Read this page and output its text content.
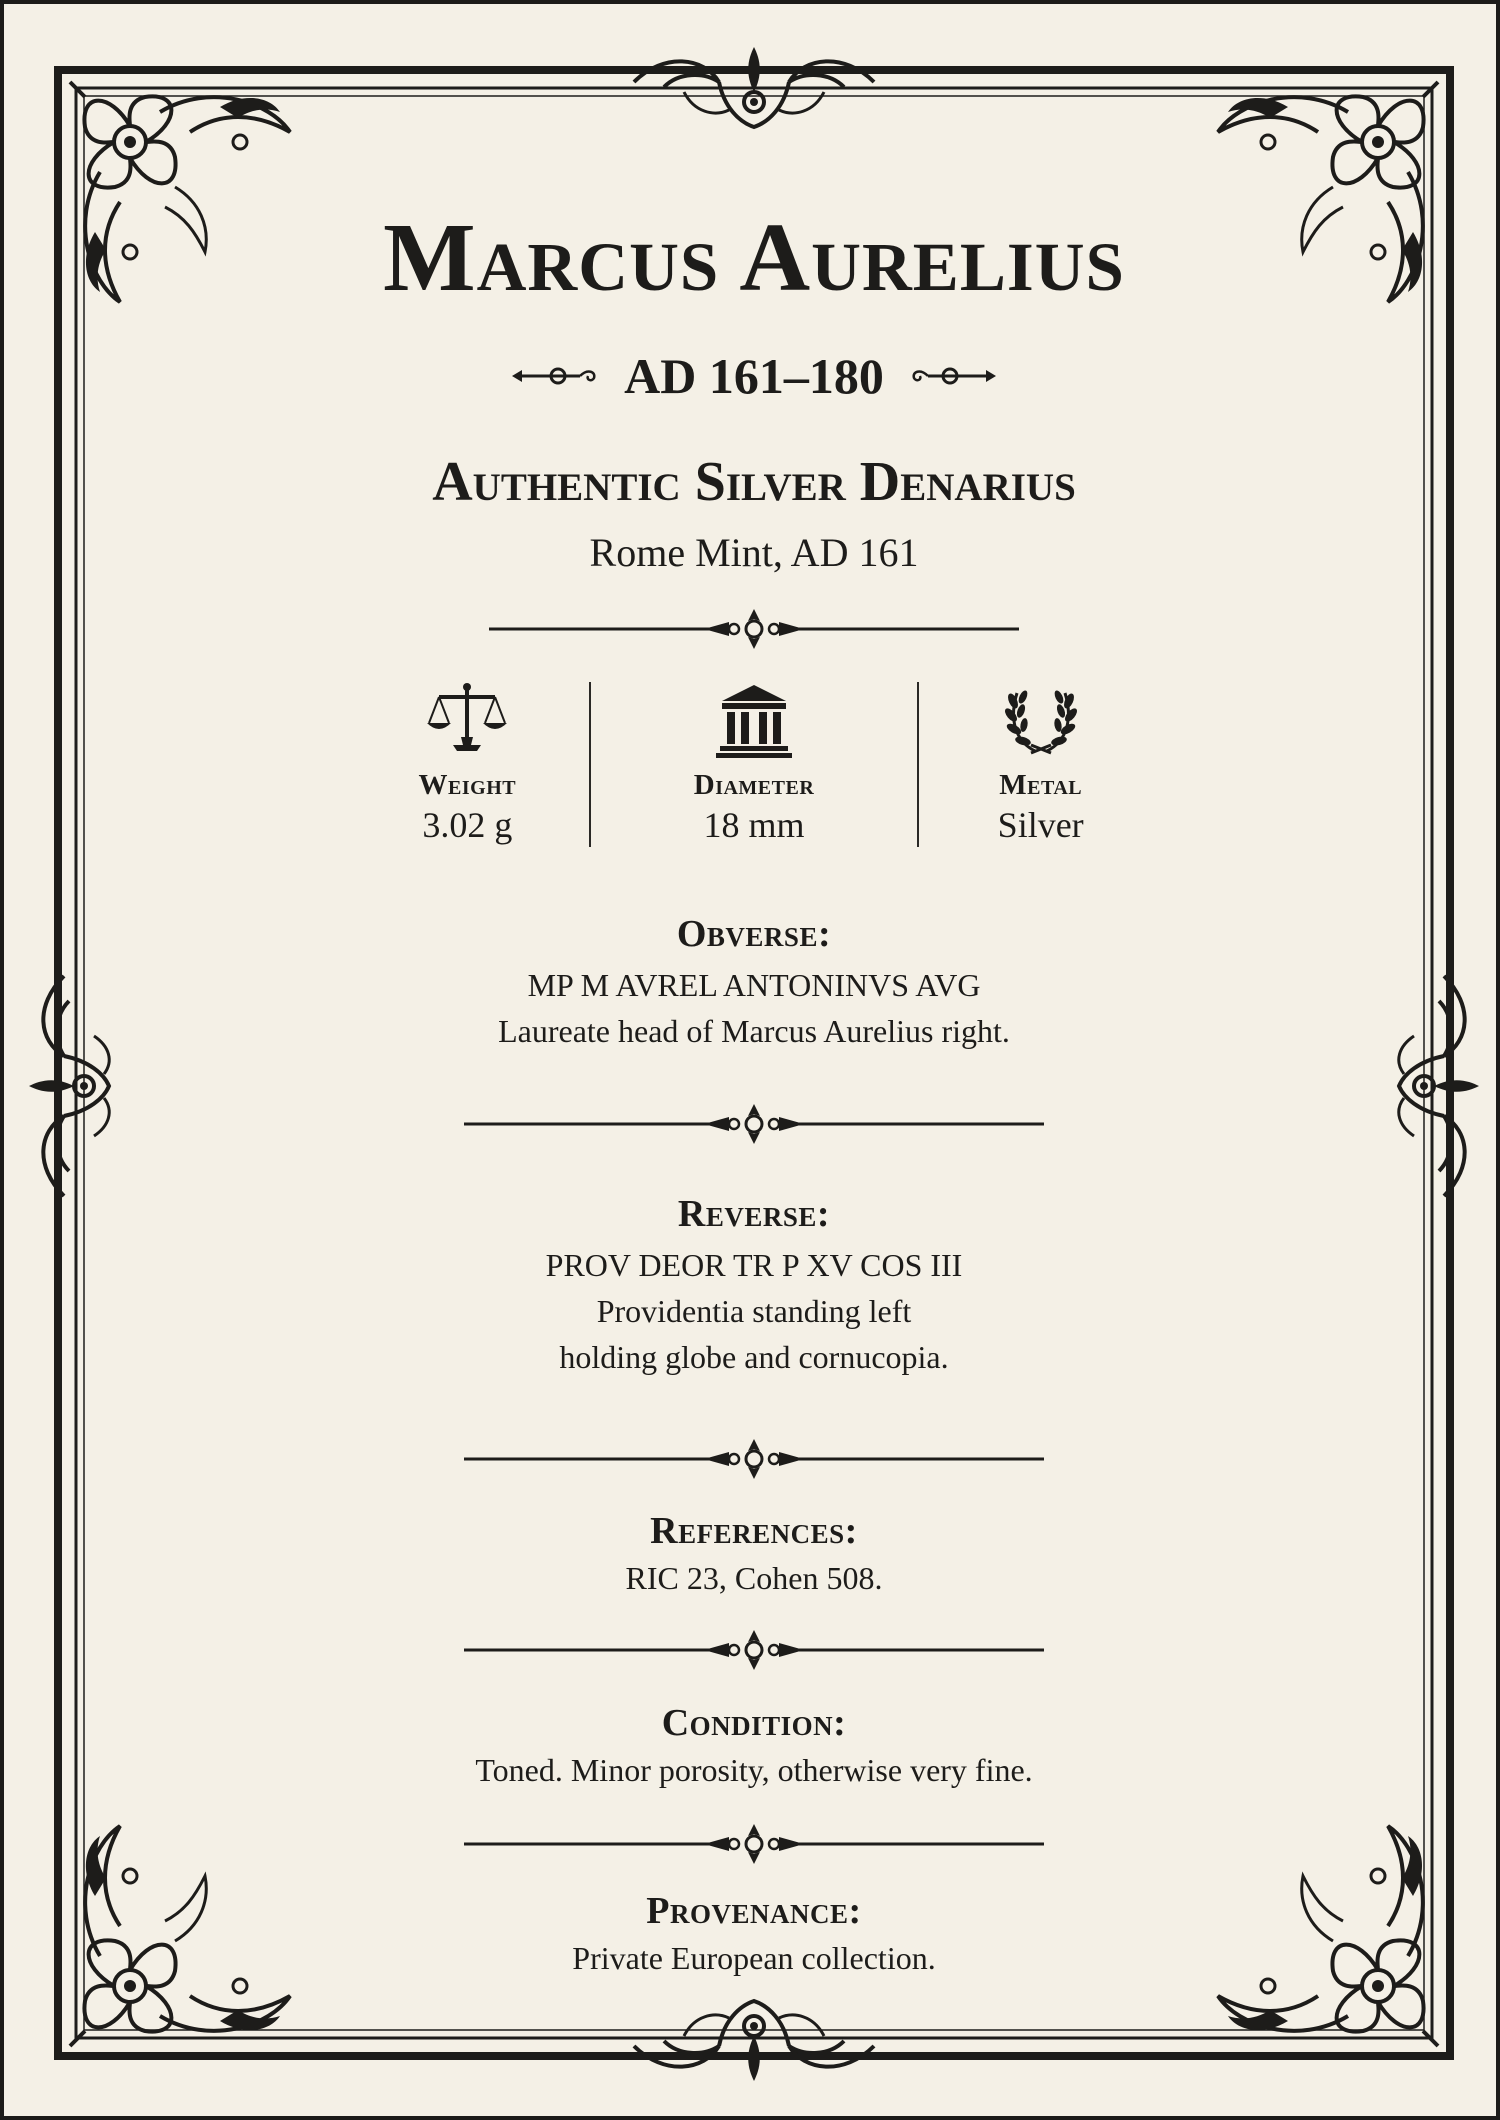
Marcus Aurelius
AD 161–180
Authentic Silver Denarius
Rome Mint, AD 161
Weight
3.02 g
Diameter
18 mm
Metal
Silver
Obverse:
MP M AVREL ANTONINVS AVG
Laureate head of Marcus Aurelius right.
Reverse:
PROV DEOR TR P XV COS III
Providentia standing left
holding globe and cornucopia.
References:
RIC 23, Cohen 508.
Condition:
Toned. Minor porosity, otherwise very fine.
Provenance:
Private European collection.
